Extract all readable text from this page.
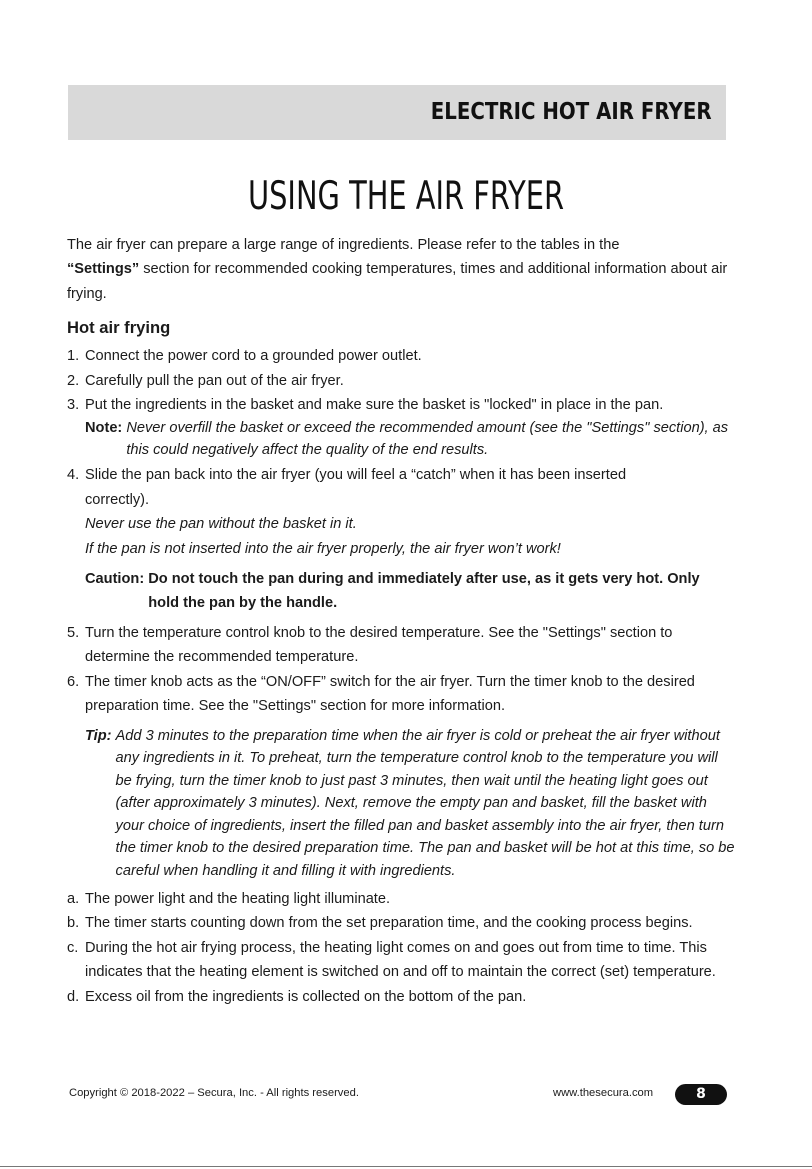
ELECTRIC HOT AIR FRYER
USING THE AIR FRYER

The air fryer can prepare a large range of ingredients. Please refer to the tables in the
“Settings” section for recommended cooking temperatures, times and additional information about air frying.

Hot air frying
1. Connect the power cord to a grounded power outlet.
2. Carefully pull the pan out of the air fryer.
3. Put the ingredients in the basket and make sure the basket is "locked" in place in the pan.
Note: Never overfill the basket or exceed the recommended amount (see the "Settings" section), as this could negatively affect the quality of the end results.
4. Slide the pan back into the air fryer (you will feel a “catch” when it has been inserted correctly).
Never use the pan without the basket in it.
If the pan is not inserted into the air fryer properly, the air fryer won’t work!
Caution: Do not touch the pan during and immediately after use, as it gets very hot. Only hold the pan by the handle.
5. Turn the temperature control knob to the desired temperature. See the "Settings" section to determine the recommended temperature.
6. The timer knob acts as the “ON/OFF” switch for the air fryer. Turn the timer knob to the desired preparation time. See the "Settings" section for more information.
Tip: Add 3 minutes to the preparation time when the air fryer is cold or preheat the air fryer without any ingredients in it. To preheat, turn the temperature control knob to the temperature you will be frying, turn the timer knob to just past 3 minutes, then wait until the heating light goes out (after approximately 3 minutes). Next, remove the empty pan and basket, fill the basket with your choice of ingredients, insert the filled pan and basket assembly into the air fryer, then turn the timer knob to the desired preparation time. The pan and basket will be hot at this time, so be careful when handling it and filling it with ingredients.
a. The power light and the heating light illuminate.
b. The timer starts counting down from the set preparation time, and the cooking process begins.
c. During the hot air frying process, the heating light comes on and goes out from time to time. This indicates that the heating element is switched on and off to maintain the correct (set) temperature.
d. Excess oil from the ingredients is collected on the bottom of the pan.
Copyright © 2018-2022 – Secura, Inc. - All rights reserved.	www.thesecura.com	8
